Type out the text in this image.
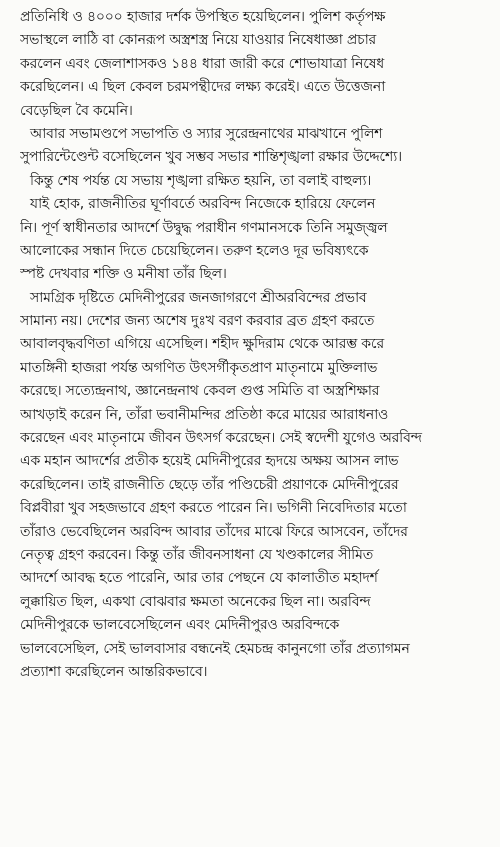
প্রতিনিধি ও ৪০০০ হাজার দর্শক উপস্থিত হয়েছিলেন। পুলিশ কর্তৃপক্ষ
সভাস্থলে লাঠি বা কোনরূপ অস্ত্রশস্ত্র নিয়ে যাওয়ার নিষেধাজ্ঞা প্রচার
করলেন এবং জেলাশাসকও ১৪৪ ধারা জারী করে শোভাযাত্রা নিষেধ
করেছিলেন। এ ছিল কেবল চরমপন্থীদের লক্ষ্য করেই। এতে উত্তেজনা
বেড়েছিল বৈ কমেনি।
আবার সভামণ্ডপে সভাপতি ও স্যার সুরেন্দ্রনাথের মাঝখানে পুলিশ
সুপারিন্টেণ্ডেন্ট বসেছিলেন খুব সম্ভব সভার শান্তিশৃঙ্খলা রক্ষার উদ্দেশ্যে।
কিন্তু শেষ পর্যন্ত যে সভায় শৃঙ্খলা রক্ষিত হয়নি, তা বলাই বাহুল্য।
যাই হোক, রাজনীতির ঘূর্ণাবর্তে অরবিন্দ নিজেকে হারিয়ে ফেলেন
নি। পূর্ণ স্বাধীনতার আদর্শে উদ্বুদ্ধ পরাধীন গণমানসকে তিনি সমুজ্জ্বল
আলোকের সন্ধান দিতে চেয়েছিলেন। তরুণ হলেও দূর ভবিষ্যৎকে
স্পষ্ট দেখবার শক্তি ও মনীষা তাঁর ছিল।
সামগ্রিক দৃষ্টিতে মেদিনীপুরের জনজাগরণে শ্রীঅরবিন্দের প্রভাব
সামান্য নয়। দেশের জন্য অশেষ দুঃখ বরণ করবার ব্রত গ্রহণ করতে
আবালবৃদ্ধবণিতা এগিয়ে এসেছিল। শহীদ ক্ষুদিরাম থেকে আরম্ভ করে
মাতঙ্গিনী হাজরা পর্যন্ত অগণিত উৎসর্গীকৃতপ্রাণ মাতৃনামে মুক্তিলাভ
করেছে। সত্যেন্দ্রনাথ, জ্ঞানেন্দ্রনাথ কেবল গুপ্ত সমিতি বা অস্ত্রশিক্ষার
আখড়াই করেন নি, তাঁরা ভবানীমন্দির প্রতিষ্ঠা করে মায়ের আরাধনাও
করেছেন এবং মাতৃনামে জীবন উৎসর্গ করেছেন। সেই স্বদেশী যুগেও অরবিন্দ
এক মহান আদর্শের প্রতীক হয়েই মেদিনীপুরের হৃদয়ে অক্ষয় আসন লাভ
করেছিলেন। তাই রাজনীতি ছেড়ে তাঁর পণ্ডিচেরী প্রয়াণকে মেদিনীপুরের
বিপ্লবীরা খুব সহজভাবে গ্রহণ করতে পারেন নি। ভগিনী নিবেদিতার মতো
তাঁরাও ভেবেছিলেন অরবিন্দ আবার তাঁদের মাঝে ফিরে আসবেন, তাঁদের
নেতৃত্ব গ্রহণ করবেন। কিন্তু তাঁর জীবনসাধনা যে খণ্ডকালের সীমিত
আদর্শে আবদ্ধ হতে পারেনি, আর তার পেছনে যে কালাতীত মহাদর্শ
লুক্কায়িত ছিল, একথা বোঝবার ক্ষমতা অনেকের ছিল না। অরবিন্দ
মেদিনীপুরকে ভালবেসেছিলেন এবং মেদিনীপুরও অরবিন্দকে
ভালবেসেছিল, সেই ভালবাসার বন্ধনেই হেমচন্দ্র কানুনগো তাঁর প্রত্যাগমন
প্রত্যাশা করেছিলেন আন্তরিকভাবে।
